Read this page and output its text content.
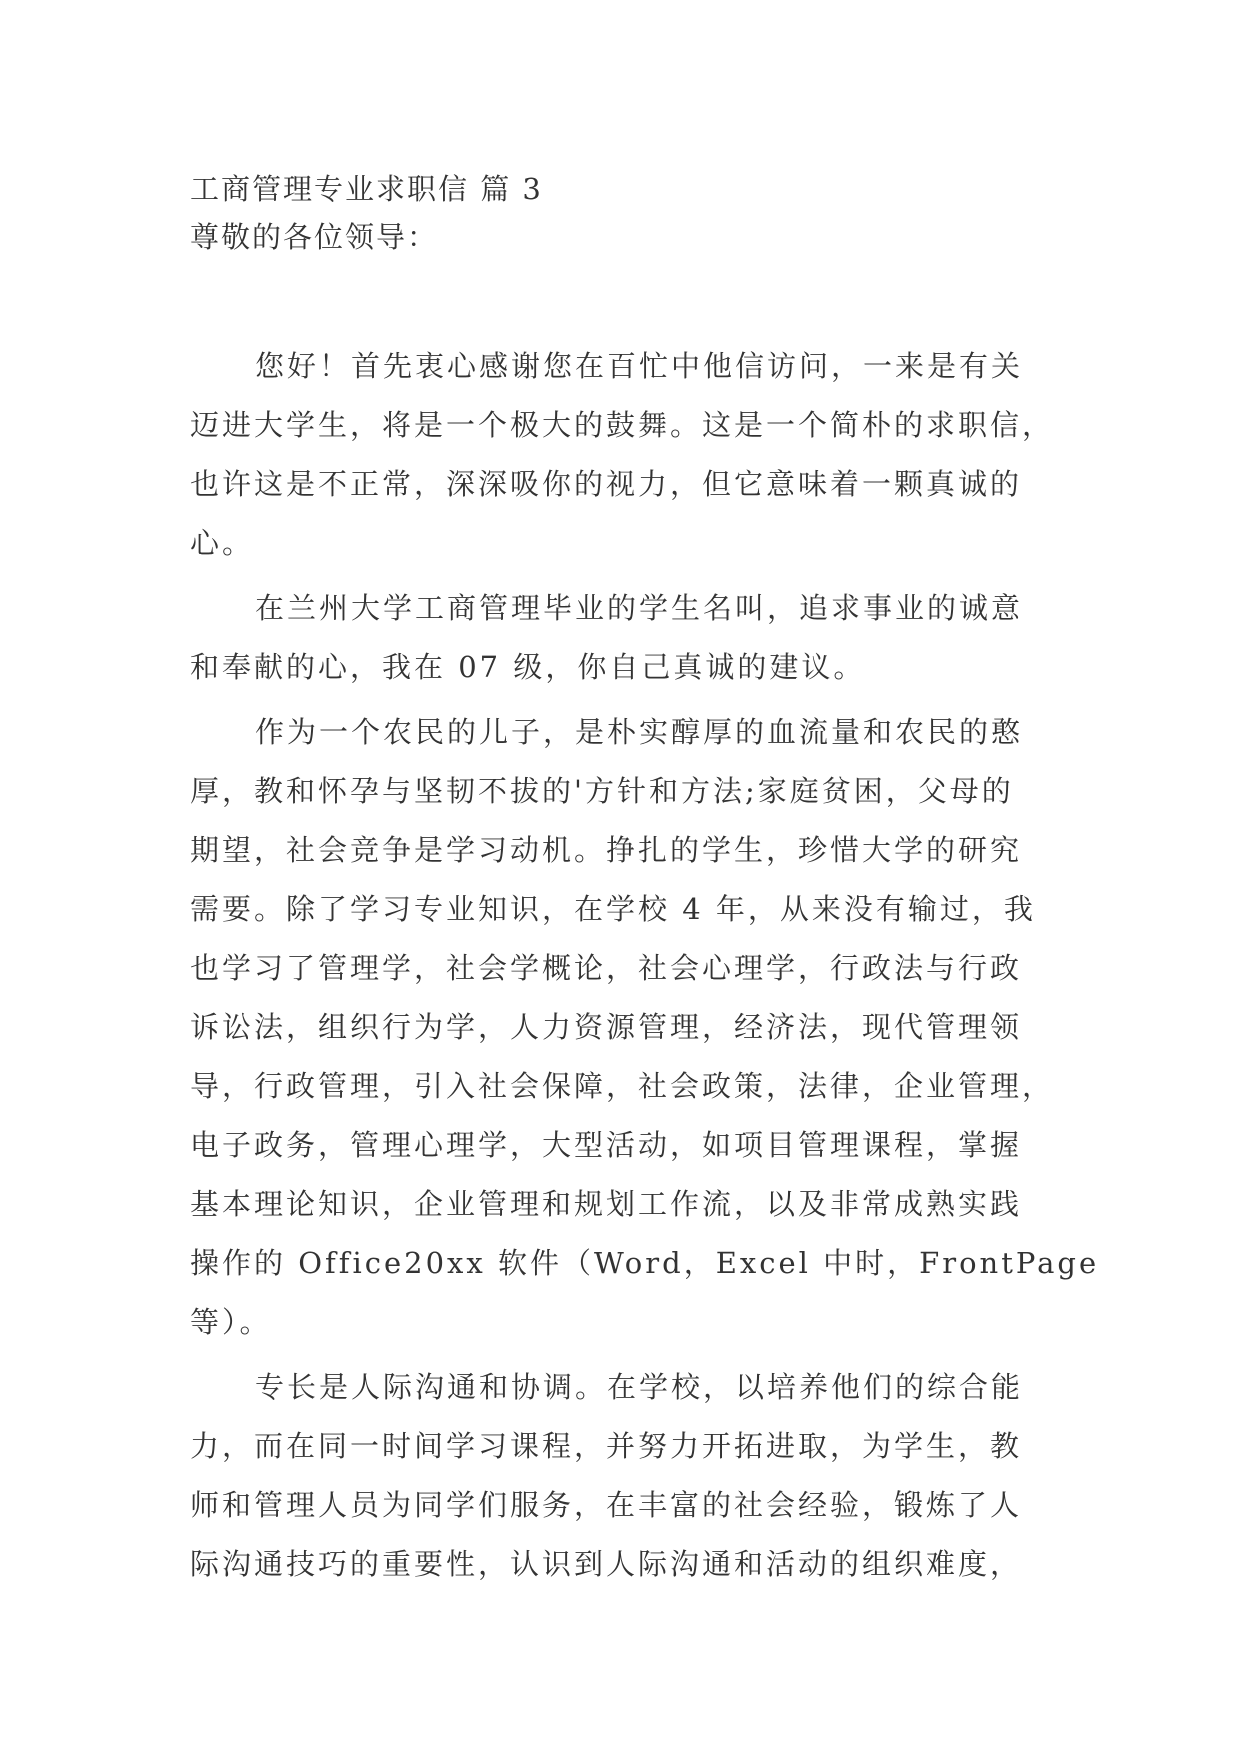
工商管理专业求职信 篇 3
尊敬的各位领导：
您好！首先衷心感谢您在百忙中他信访问，一来是有关
迈进大学生，将是一个极大的鼓舞。这是一个简朴的求职信，
也许这是不正常，深深吸你的视力，但它意味着一颗真诚的
心。
在兰州大学工商管理毕业的学生名叫，追求事业的诚意
和奉献的心，我在 07 级，你自己真诚的建议。
作为一个农民的儿子，是朴实醇厚的血流量和农民的憨
厚，教和怀孕与坚韧不拔的'方针和方法;家庭贫困，父母的
期望，社会竞争是学习动机。挣扎的学生，珍惜大学的研究
需要。除了学习专业知识，在学校 4 年，从来没有输过，我
也学习了管理学，社会学概论，社会心理学，行政法与行政
诉讼法，组织行为学，人力资源管理，经济法，现代管理领
导，行政管理，引入社会保障，社会政策，法律，企业管理，
电子政务，管理心理学，大型活动，如项目管理课程，掌握
基本理论知识，企业管理和规划工作流，以及非常成熟实践
操作的 Office20xx 软件（Word，Excel 中时，FrontPage
等）。
专长是人际沟通和协调。在学校，以培养他们的综合能
力，而在同一时间学习课程，并努力开拓进取，为学生，教
师和管理人员为同学们服务，在丰富的社会经验，锻炼了人
际沟通技巧的重要性，认识到人际沟通和活动的组织难度，
